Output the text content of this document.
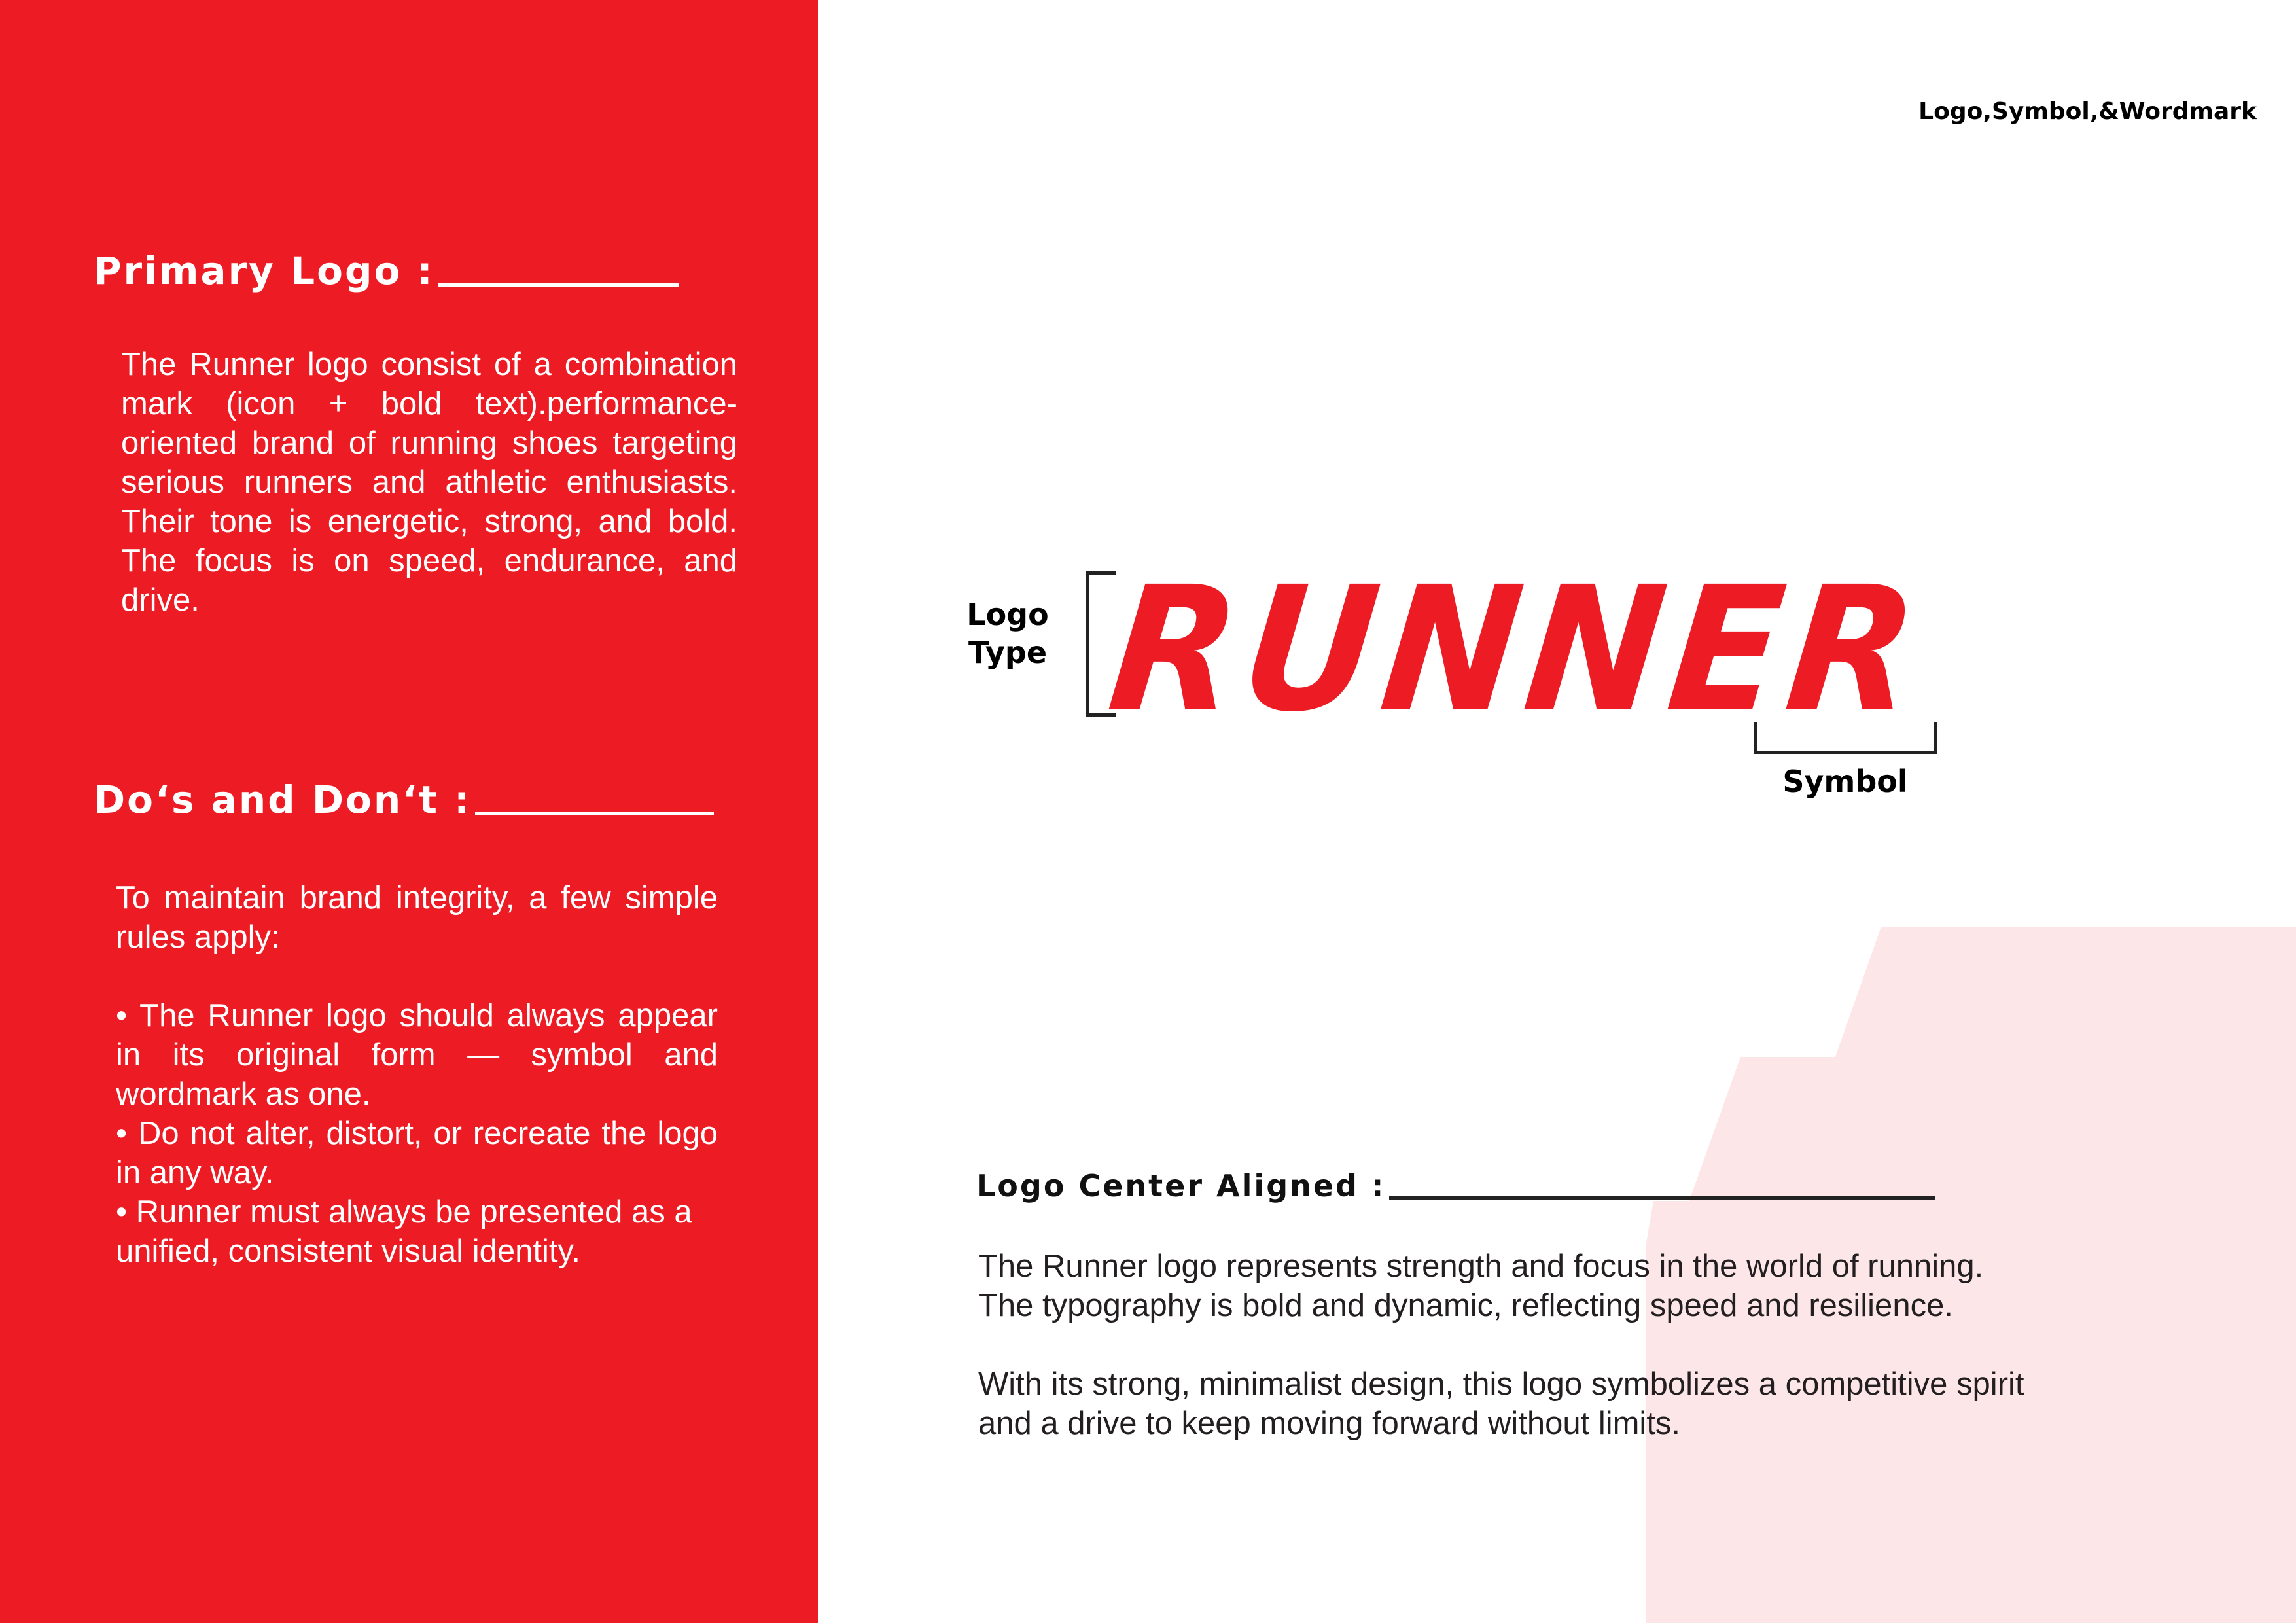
Logo,Symbol,&Wordmark
Primary Logo :

The Runner logo consist of a combination mark (icon + bold text).performance-oriented brand of running shoes targeting serious runners and athletic enthusiasts. Their tone is energetic, strong, and bold. The focus is on speed, endurance, and drive.

Do‘s and Don‘t :

To maintain brand integrity, a few simple rules apply:

• The Runner logo should always appear in its original form — symbol and wordmark as one.

• Do not alter, distort, or recreate the logo in any way.

• Runner must always be presented as a unified, consistent visual identity.

Logo
Type RUNNER
Symbol
Logo Center Aligned :

The Runner logo represents strength and focus in the world of running.

The typography is bold and dynamic, reflecting speed and resilience.

With its strong, minimalist design, this logo symbolizes a competitive spirit

and a drive to keep moving forward without limits.
